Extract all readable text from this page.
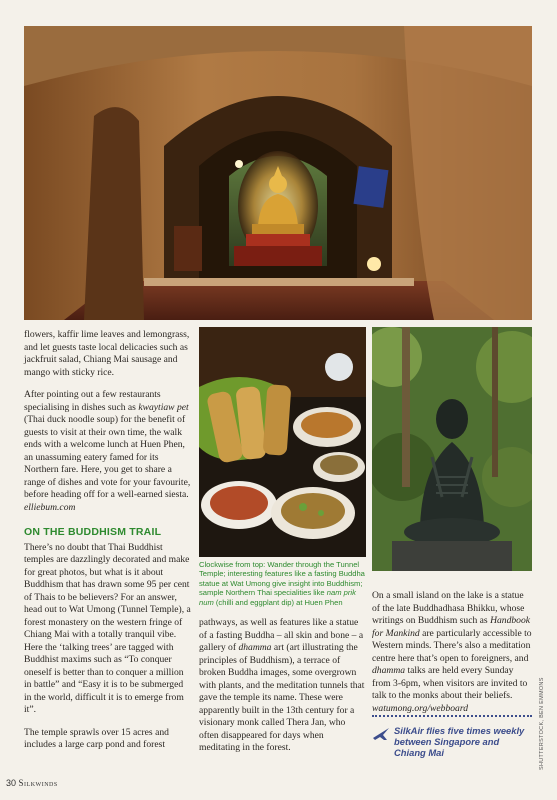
flowers, kaffir lime leaves and lemongrass, and let guests taste local delicacies such as jackfruit salad, Chiang Mai sausage and mango with sticky rice.

After pointing out a few restaurants specialising in dishes such as kwaytiaw pet (Thai duck noodle soup) for the benefit of guests to visit at their own time, the walk ends with a welcome lunch at Huen Phen, an unassuming eatery famed for its Northern fare. Here, you get to share a range of dishes and vote for your favourite, before heading off for a well-earned siesta. elliebum.com

ON THE BUDDHISM TRAIL

There’s no doubt that Thai Buddhist temples are dazzlingly decorated and make for great photos, but what is it about Buddhism that has drawn some 95 per cent of Thais to be believers? For an answer, head out to Wat Umong (Tunnel Temple), a forest monastery on the western fringe of Chiang Mai with a totally tranquil vibe. Here the ‘talking trees’ are tagged with Buddhist maxims such as “To conquer oneself is better than to conquer a million in battle” and “Easy it is to be submerged in the world, difficult it is to emerge from it”.

The temple sprawls over 15 acres and includes a large carp pond and forest

Clockwise from top: Wander through the Tunnel Temple; interesting features like a fasting Buddha statue at Wat Umong give insight into Buddhism; sample Northern Thai specialities like nam prik num (chilli and eggplant dip) at Huen Phen

pathways, as well as features like a statue of a fasting Buddha – all skin and bone – a gallery of dhamma art (art illustrating the principles of Buddhism), a terrace of broken Buddha images, some overgrown with plants, and the meditation tunnels that gave the temple its name. These were apparently built in the 13th century for a visionary monk called Thera Jan, who often disappeared for days when meditating in the forest.

On a small island on the lake is a statue of the late Buddhadhasa Bhikku, whose writings on Buddhism such as Handbook for Mankind are particularly accessible to Western minds. There’s also a meditation centre here that’s open to foreigners, and dhamma talks are held every Sunday from 3-6pm, when visitors are invited to talk to the monks about their beliefs. watumong.org/webboard

SilkAir flies five times weekly
between Singapore and Chiang Mai	SHUTTERSTOCK, BEN EMMONS
30 Silkwinds
